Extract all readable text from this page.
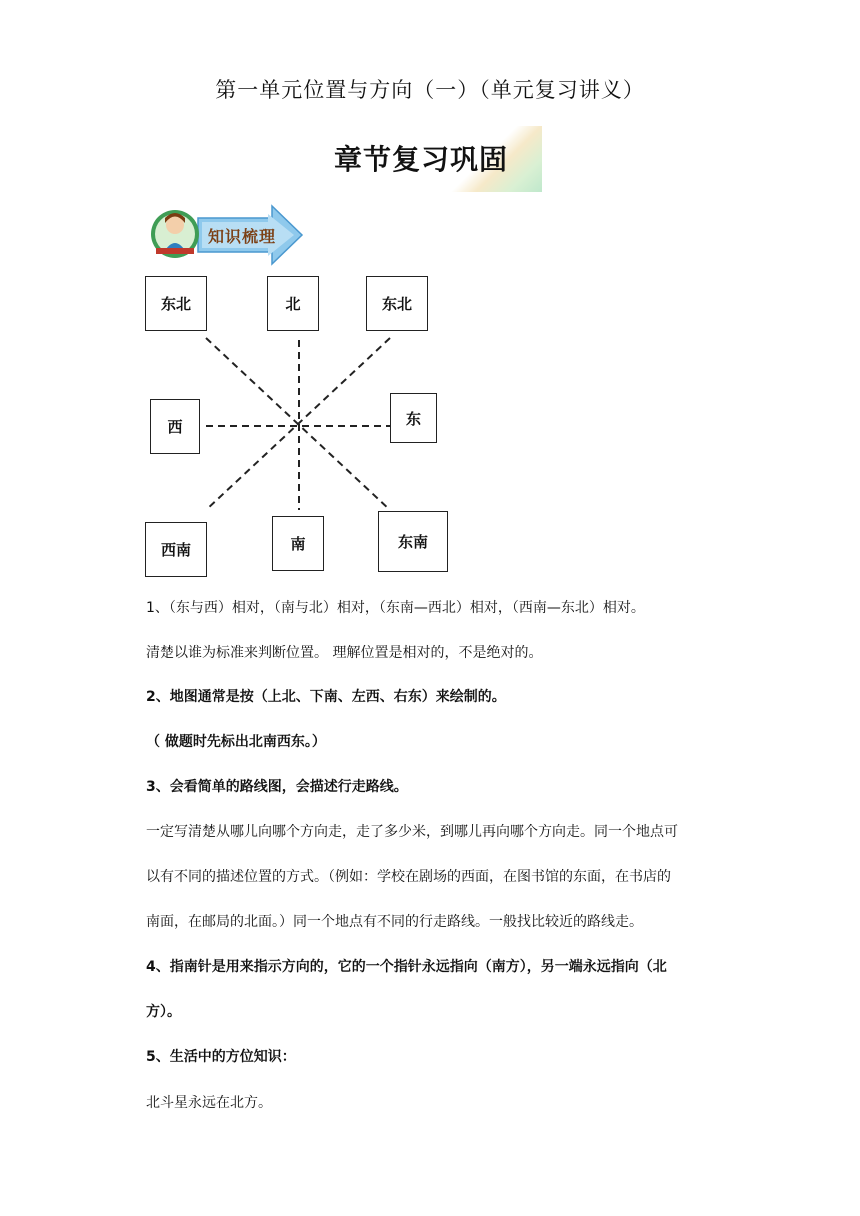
第一单元位置与方向（一）（单元复习讲义）
章节复习巩固
知识梳理
东北	北	东北
西	东
西南	南	东南
1、（东与西）相对，（南与北）相对，（东南—西北）相对，（西南—东北）相对。
清楚以谁为标准来判断位置。 理解位置是相对的，不是绝对的。
2、地图通常是按（上北、下南、左西、右东）来绘制的。
（ 做题时先标出北南西东。）
3、会看简单的路线图，会描述行走路线。
一定写清楚从哪儿向哪个方向走，走了多少米，到哪儿再向哪个方向走。同一个地点可
以有不同的描述位置的方式。（例如：学校在剧场的西面，在图书馆的东面，在书店的
南面，在邮局的北面。）同一个地点有不同的行走路线。一般找比较近的路线走。
4、指南针是用来指示方向的，它的一个指针永远指向（南方），另一端永远指向（北
方）。
5、生活中的方位知识：
北斗星永远在北方。
